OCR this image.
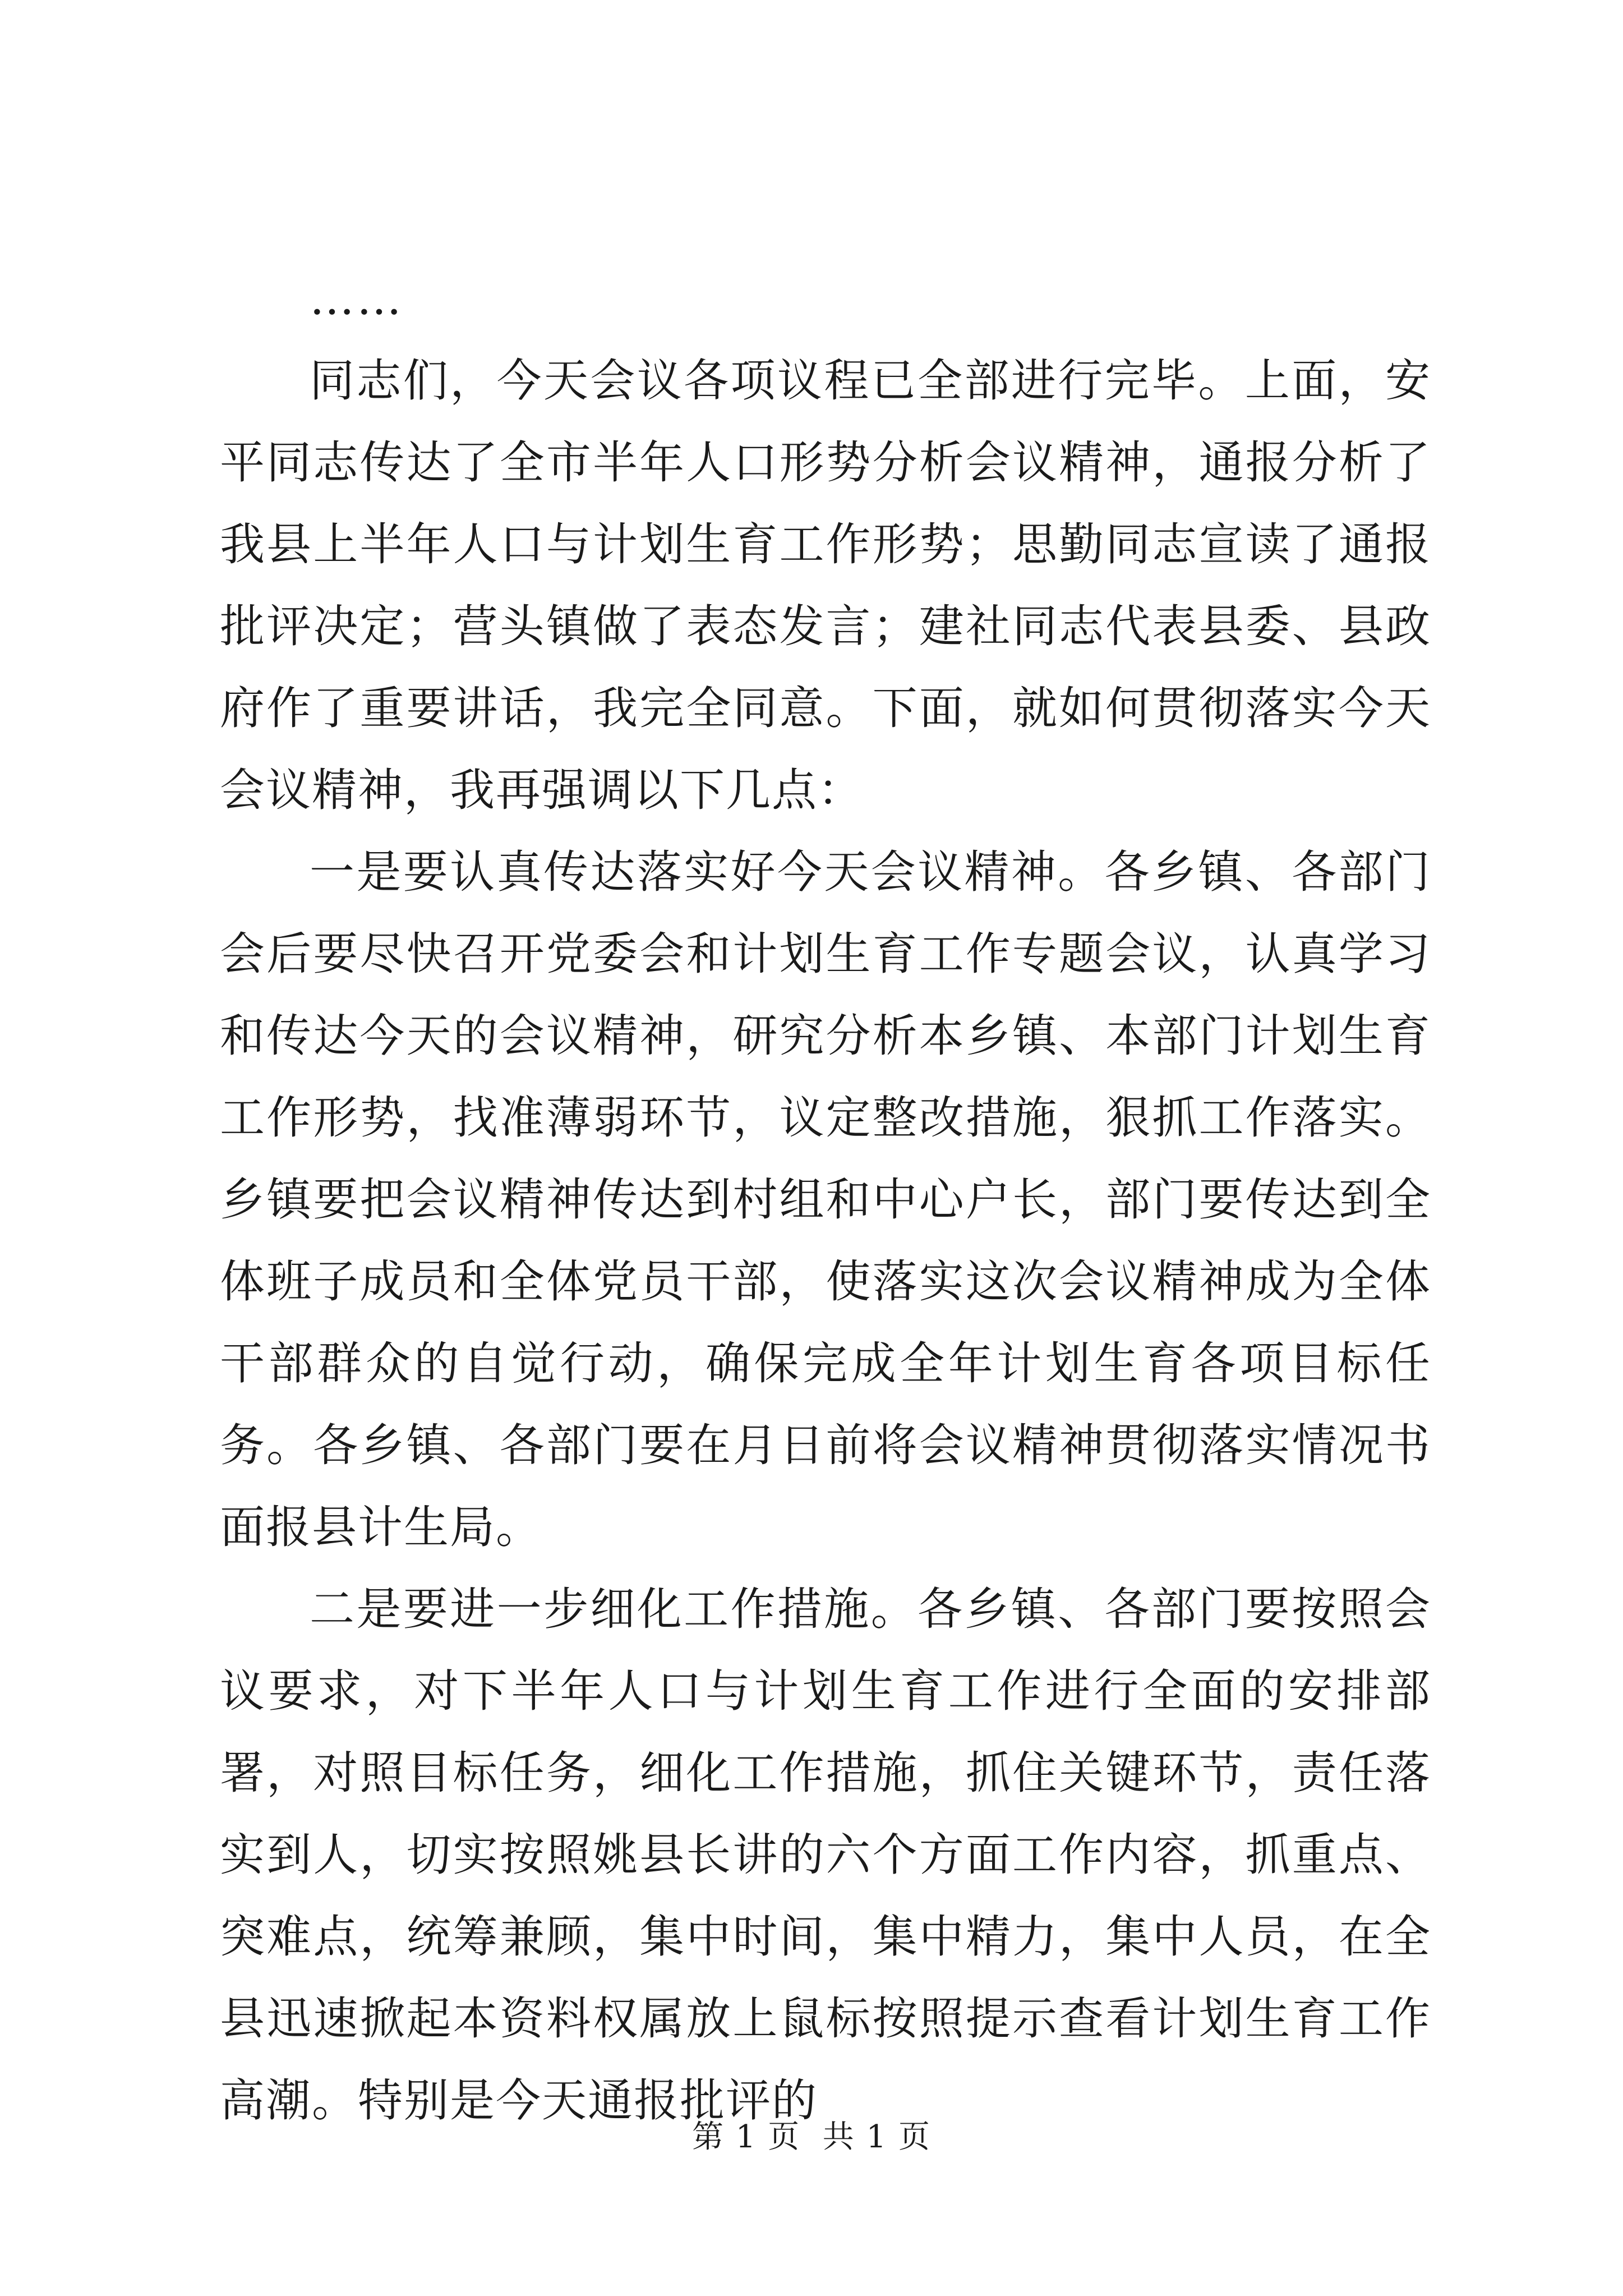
……

同志们，今天会议各项议程已全部进行完毕。上面，安平同志传达了全市半年人口形势分析会议精神，通报分析了我县上半年人口与计划生育工作形势；思勤同志宣读了通报批评决定；营头镇做了表态发言；建社同志代表县委、县政府作了重要讲话，我完全同意。下面，就如何贯彻落实今天会议精神，我再强调以下几点：

一是要认真传达落实好今天会议精神。各乡镇、各部门会后要尽快召开党委会和计划生育工作专题会议，认真学习和传达今天的会议精神，研究分析本乡镇、本部门计划生育工作形势，找准薄弱环节，议定整改措施，狠抓工作落实。乡镇要把会议精神传达到村组和中心户长，部门要传达到全体班子成员和全体党员干部，使落实这次会议精神成为全体干部群众的自觉行动，确保完成全年计划生育各项目标任务。各乡镇、各部门要在月日前将会议精神贯彻落实情况书面报县计生局。

二是要进一步细化工作措施。各乡镇、各部门要按照会议要求，对下半年人口与计划生育工作进行全面的安排部署，对照目标任务，细化工作措施，抓住关键环节，责任落实到人，切实按照姚县长讲的六个方面工作内容，抓重点、突难点，统筹兼顾，集中时间，集中精力，集中人员，在全县迅速掀起本资料权属放上鼠标按照提示查看计划生育工作高潮。特别是今天通报批评的

第 1 页  共 1 页
